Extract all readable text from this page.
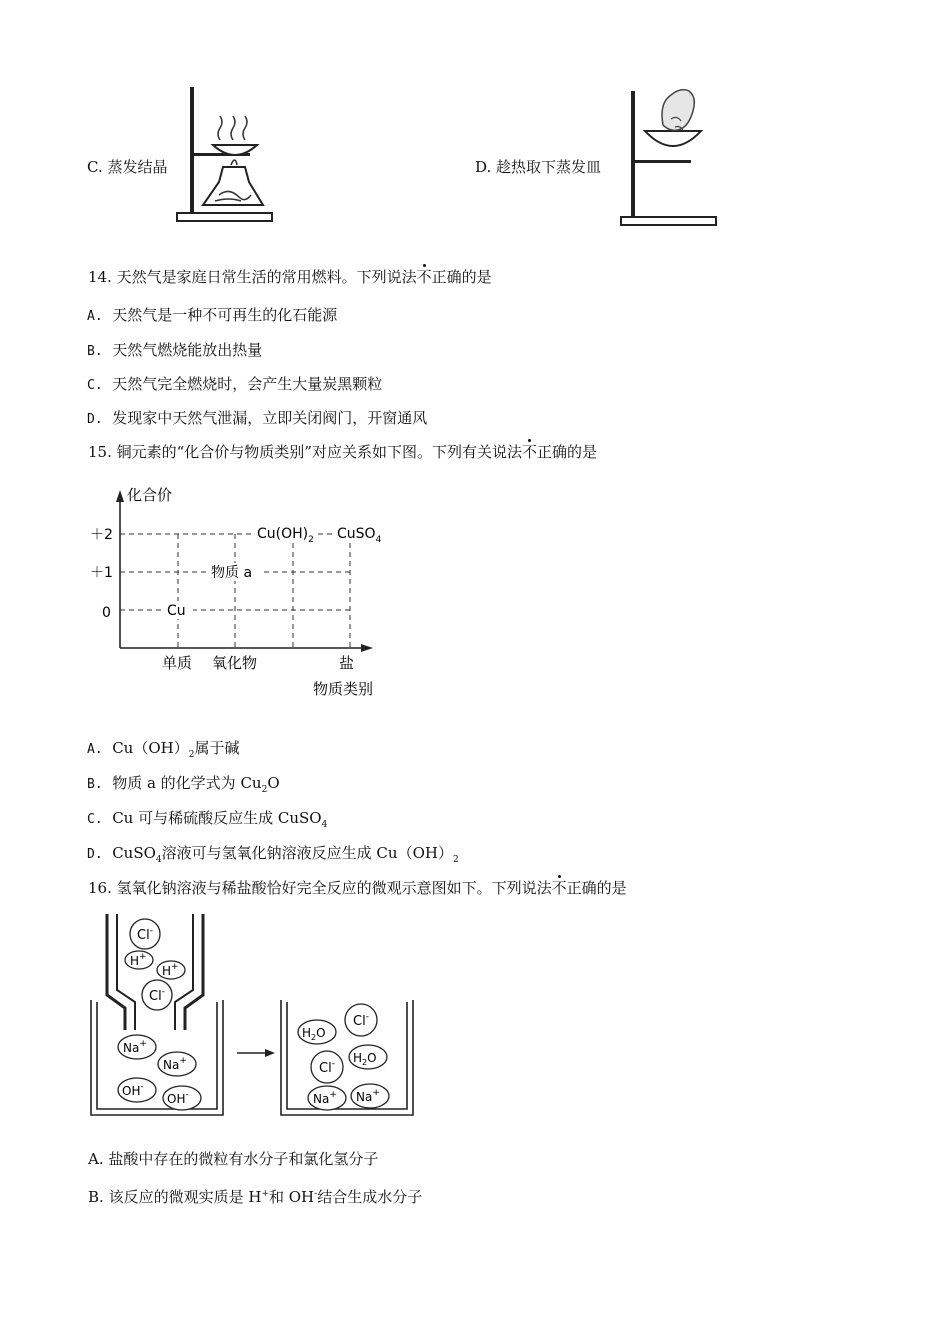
C. 蒸发结晶	D. 趁热取下蒸发皿
14. 天然气是家庭日常生活的常用燃料。下列说法不正确的是
A. 天然气是一种不可再生的化石能源
B. 天然气燃烧能放出热量
C. 天然气完全燃烧时，会产生大量炭黑颗粒
D. 发现家中天然气泄漏，立即关闭阀门，开窗通风
15. 铜元素的“化合价与物质类别”对应关系如下图。下列有关说法不正确的是
化合价
＋2
＋1
0	Cu
物质 a
$Cu(OH)_2$ CuSO$_4$
单质 氧化物	盐
物质类别
A. $Cu(OH)_2$属于碱
B. 物质 a 的化学式为 $Cu_2O$
C. Cu 可与稀硫酸反应生成 CuSO$_4$
D. CuSO$_4$溶液可与氢氧化钠溶液反应生成 $Cu(OH)_2$
16. 氢氧化钠溶液与稀盐酸恰好完全反应的微观示意图如下。下列说法不正确的是
Cl-
H+
H+
Cl-
Na+
Na+
OH-
OH-
$H_2O$
Cl-
Cl- $H_2O$
Na+ Na+
A. 盐酸中存在的微粒有水分子和氯化氢分子
B. 该反应的微观实质是 H+和 OH-结合生成水分子
